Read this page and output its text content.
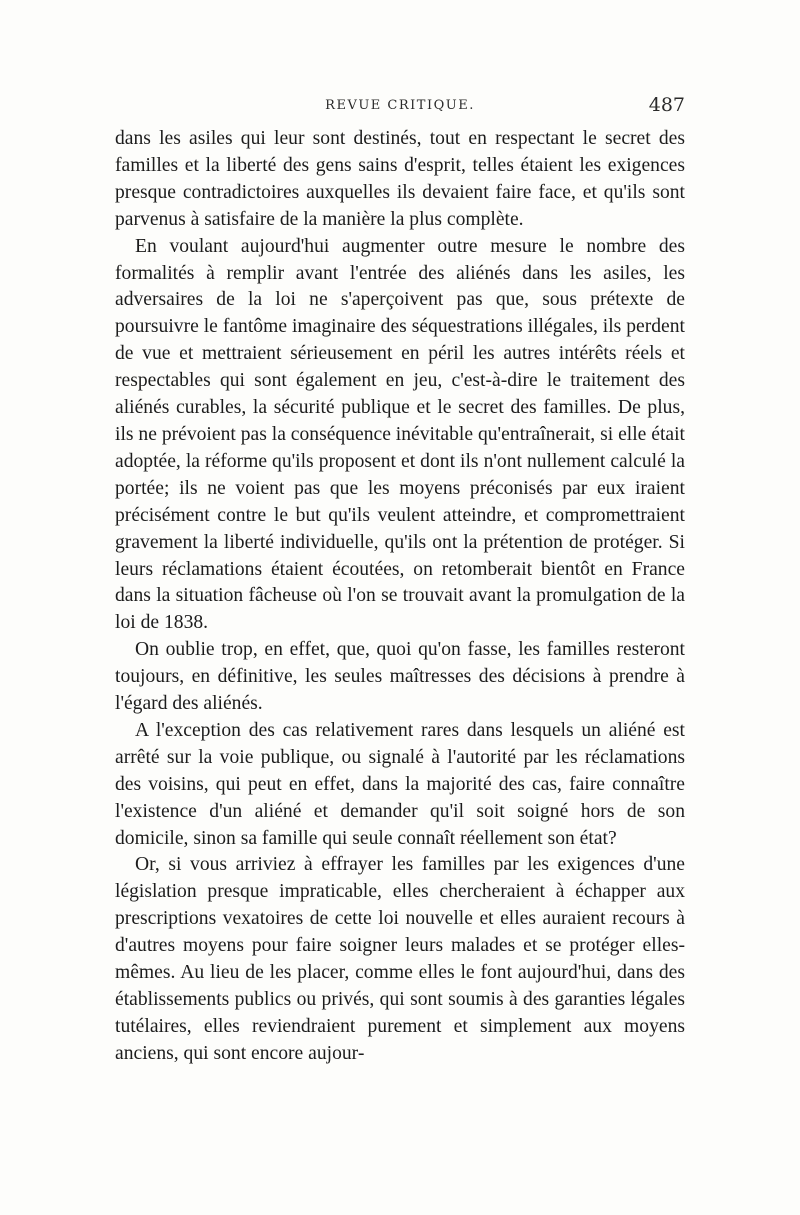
REVUE CRITIQUE.	487

dans les asiles qui leur sont destinés, tout en respectant le secret des familles et la liberté des gens sains d'esprit, telles étaient les exigences presque contradictoires auxquelles ils devaient faire face, et qu'ils sont parvenus à satisfaire de la manière la plus complète.

En voulant aujourd'hui augmenter outre mesure le nombre des formalités à remplir avant l'entrée des aliénés dans les asiles, les adversaires de la loi ne s'aperçoivent pas que, sous prétexte de poursuivre le fantôme imaginaire des séquestrations illégales, ils perdent de vue et mettraient sérieusement en péril les autres intérêts réels et respectables qui sont également en jeu, c'est-à-dire le traitement des aliénés curables, la sécurité publique et le secret des familles. De plus, ils ne prévoient pas la conséquence inévitable qu'entraînerait, si elle était adoptée, la réforme qu'ils proposent et dont ils n'ont nullement calculé la portée; ils ne voient pas que les moyens préconisés par eux iraient précisément contre le but qu'ils veulent atteindre, et compromettraient gravement la liberté individuelle, qu'ils ont la prétention de protéger. Si leurs réclamations étaient écoutées, on retomberait bientôt en France dans la situation fâcheuse où l'on se trouvait avant la promulgation de la loi de 1838.

On oublie trop, en effet, que, quoi qu'on fasse, les familles resteront toujours, en définitive, les seules maîtresses des décisions à prendre à l'égard des aliénés.

A l'exception des cas relativement rares dans lesquels un aliéné est arrêté sur la voie publique, ou signalé à l'autorité par les réclamations des voisins, qui peut en effet, dans la majorité des cas, faire connaître l'existence d'un aliéné et demander qu'il soit soigné hors de son domicile, sinon sa famille qui seule connaît réellement son état?

Or, si vous arriviez à effrayer les familles par les exigences d'une législation presque impraticable, elles chercheraient à échapper aux prescriptions vexatoires de cette loi nouvelle et elles auraient recours à d'autres moyens pour faire soigner leurs malades et se protéger elles-mêmes. Au lieu de les placer, comme elles le font aujourd'hui, dans des établissements publics ou privés, qui sont soumis à des garanties légales tutélaires, elles reviendraient purement et simplement aux moyens anciens, qui sont encore aujour-
